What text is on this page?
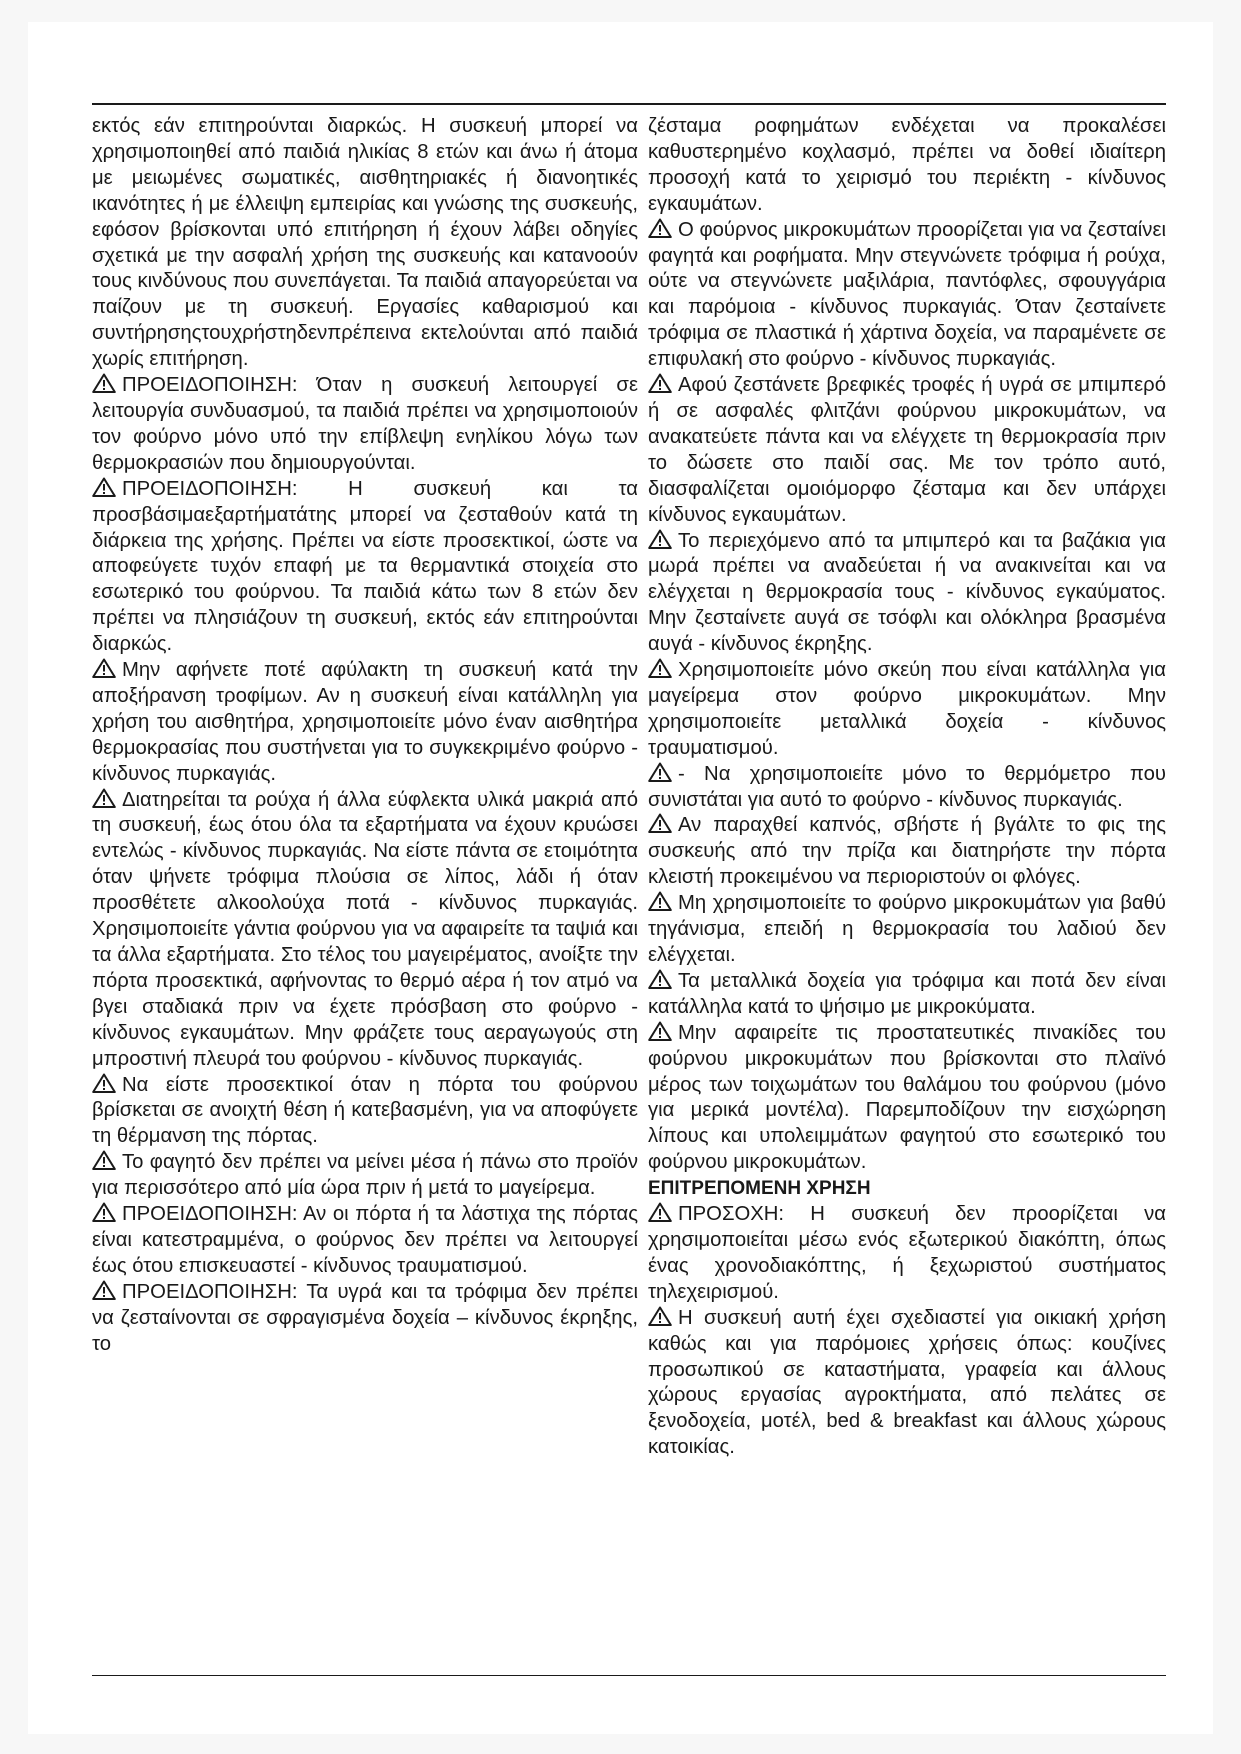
εκτός εάν επιτηρούνται διαρκώς. Η συσκευή μπορεί να χρησιμοποιηθεί από παιδιά ηλικίας 8 ετών και άνω ή άτομα με μειωμένες σωματικές, αισθητηριακές ή διανοητικές ικανότητες ή με έλλειψη εμπειρίας και γνώσης της συσκευής, εφόσον βρίσκονται υπό επιτήρηση ή έχουν λάβει οδηγίες σχετικά με την ασφαλή χρήση της συσκευής και κατανοούν τους κινδύνους που συνεπάγεται. Τα παιδιά απαγορεύεται να παίζουν με τη συσκευή. Εργασίες καθαρισμού και συντήρησηςτουχρήστηδενπρέπεινα εκτελούνται από παιδιά χωρίς επιτήρηση.

ΠΡΟΕΙΔΟΠΟΙΗΣΗ: Όταν η συσκευή λειτουργεί σε λειτουργία συνδυασμού, τα παιδιά πρέπει να χρησιμοποιούν τον φούρνο μόνο υπό την επίβλεψη ενηλίκου λόγω των θερμοκρασιών που δημιουργούνται.

ΠΡΟΕΙΔΟΠΟΙΗΣΗ: Η συσκευή και τα προσβάσιμαεξαρτήματάτης μπορεί να ζεσταθούν κατά τη διάρκεια της χρήσης. Πρέπει να είστε προσεκτικοί, ώστε να αποφεύγετε τυχόν επαφή με τα θερμαντικά στοιχεία στο εσωτερικό του φούρνου. Τα παιδιά κάτω των 8 ετών δεν πρέπει να πλησιάζουν τη συσκευή, εκτός εάν επιτηρούνται διαρκώς.

Μην αφήνετε ποτέ αφύλακτη τη συσκευή κατά την αποξήρανση τροφίμων. Αν η συσκευή είναι κατάλληλη για χρήση του αισθητήρα, χρησιμοποιείτε μόνο έναν αισθητήρα θερμοκρασίας που συστήνεται για το συγκεκριμένο φούρνο - κίνδυνος πυρκαγιάς.

Διατηρείται τα ρούχα ή άλλα εύφλεκτα υλικά μακριά από τη συσκευή, έως ότου όλα τα εξαρτήματα να έχουν κρυώσει εντελώς - κίνδυνος πυρκαγιάς. Να είστε πάντα σε ετοιμότητα όταν ψήνετε τρόφιμα πλούσια σε λίπος, λάδι ή όταν προσθέτετε αλκοολούχα ποτά - κίνδυνος πυρκαγιάς. Χρησιμοποιείτε γάντια φούρνου για να αφαιρείτε τα ταψιά και τα άλλα εξαρτήματα. Στο τέλος του μαγειρέματος, ανοίξτε την πόρτα προσεκτικά, αφήνοντας το θερμό αέρα ή τον ατμό να βγει σταδιακά πριν να έχετε πρόσβαση στο φούρνο - κίνδυνος εγκαυμάτων. Μην φράζετε τους αεραγωγούς στη μπροστινή πλευρά του φούρνου - κίνδυνος πυρκαγιάς.

Να είστε προσεκτικοί όταν η πόρτα του φούρνου βρίσκεται σε ανοιχτή θέση ή κατεβασμένη, για να αποφύγετε τη θέρμανση της πόρτας.

Το φαγητό δεν πρέπει να μείνει μέσα ή πάνω στο προϊόν για περισσότερο από μία ώρα πριν ή μετά το μαγείρεμα.

ΠΡΟΕΙΔΟΠΟΙΗΣΗ: Αν οι πόρτα ή τα λάστιχα της πόρτας είναι κατεστραμμένα, ο φούρνος δεν πρέπει να λειτουργεί έως ότου επισκευαστεί - κίνδυνος τραυματισμού.

ΠΡΟΕΙΔΟΠΟΙΗΣΗ: Τα υγρά και τα τρόφιμα δεν πρέπει να ζεσταίνονται σε σφραγισμένα δοχεία – κίνδυνος έκρηξης, το

ζέσταμα ροφημάτων ενδέχεται να προκαλέσει καθυστερημένο κοχλασμό, πρέπει να δοθεί ιδιαίτερη προσοχή κατά το χειρισμό του περιέκτη - κίνδυνος εγκαυμάτων.

Ο φούρνος μικροκυμάτων προορίζεται για να ζεσταίνει φαγητά και ροφήματα. Μην στεγνώνετε τρόφιμα ή ρούχα, ούτε να στεγνώνετε μαξιλάρια, παντόφλες, σφουγγάρια και παρόμοια - κίνδυνος πυρκαγιάς. Όταν ζεσταίνετε τρόφιμα σε πλαστικά ή χάρτινα δοχεία, να παραμένετε σε επιφυλακή στο φούρνο - κίνδυνος πυρκαγιάς.

Αφού ζεστάνετε βρεφικές τροφές ή υγρά σε μπιμπερό ή σε ασφαλές φλιτζάνι φούρνου μικροκυμάτων, να ανακατεύετε πάντα και να ελέγχετε τη θερμοκρασία πριν το δώσετε στο παιδί σας. Με τον τρόπο αυτό, διασφαλίζεται ομοιόμορφο ζέσταμα και δεν υπάρχει κίνδυνος εγκαυμάτων.

Το περιεχόμενο από τα μπιμπερό και τα βαζάκια για μωρά πρέπει να αναδεύεται ή να ανακινείται και να ελέγχεται η θερμοκρασία τους - κίνδυνος εγκαύματος. Μην ζεσταίνετε αυγά σε τσόφλι και ολόκληρα βρασμένα αυγά - κίνδυνος έκρηξης.

Χρησιμοποιείτε μόνο σκεύη που είναι κατάλληλα για μαγείρεμα στον φούρνο μικροκυμάτων. Μην χρησιμοποιείτε μεταλλικά δοχεία - κίνδυνος τραυματισμού.

- Να χρησιμοποιείτε μόνο το θερμόμετρο που συνιστάται για αυτό το φούρνο - κίνδυνος πυρκαγιάς.

Αν παραχθεί καπνός, σβήστε ή βγάλτε το φις της συσκευής από την πρίζα και διατηρήστε την πόρτα κλειστή προκειμένου να περιοριστούν οι φλόγες.

Μη χρησιμοποιείτε το φούρνο μικροκυμάτων για βαθύ τηγάνισμα, επειδή η θερμοκρασία του λαδιού δεν ελέγχεται.

Τα μεταλλικά δοχεία για τρόφιμα και ποτά δεν είναι κατάλληλα κατά το ψήσιμο με μικροκύματα.

Μην αφαιρείτε τις προστατευτικές πινακίδες του φούρνου μικροκυμάτων που βρίσκονται στο πλαϊνό μέρος των τοιχωμάτων του θαλάμου του φούρνου (μόνο για μερικά μοντέλα). Παρεμποδίζουν την εισχώρηση λίπους και υπολειμμάτων φαγητού στο εσωτερικό του φούρνου μικροκυμάτων.

ΕΠΙΤΡΕΠΟΜΕΝΗ ΧΡΗΣΗ

ΠΡΟΣΟΧΗ: Η συσκευή δεν προορίζεται να χρησιμοποιείται μέσω ενός εξωτερικού διακόπτη, όπως ένας χρονοδιακόπτης, ή ξεχωριστού συστήματος τηλεχειρισμού.

Η συσκευή αυτή έχει σχεδιαστεί για οικιακή χρήση καθώς και για παρόμοιες χρήσεις όπως: κουζίνες προσωπικού σε καταστήματα, γραφεία και άλλους χώρους εργασίας αγροκτήματα, από πελάτες σε ξενοδοχεία, μοτέλ, bed & breakfast και άλλους χώρους κατοικίας.
